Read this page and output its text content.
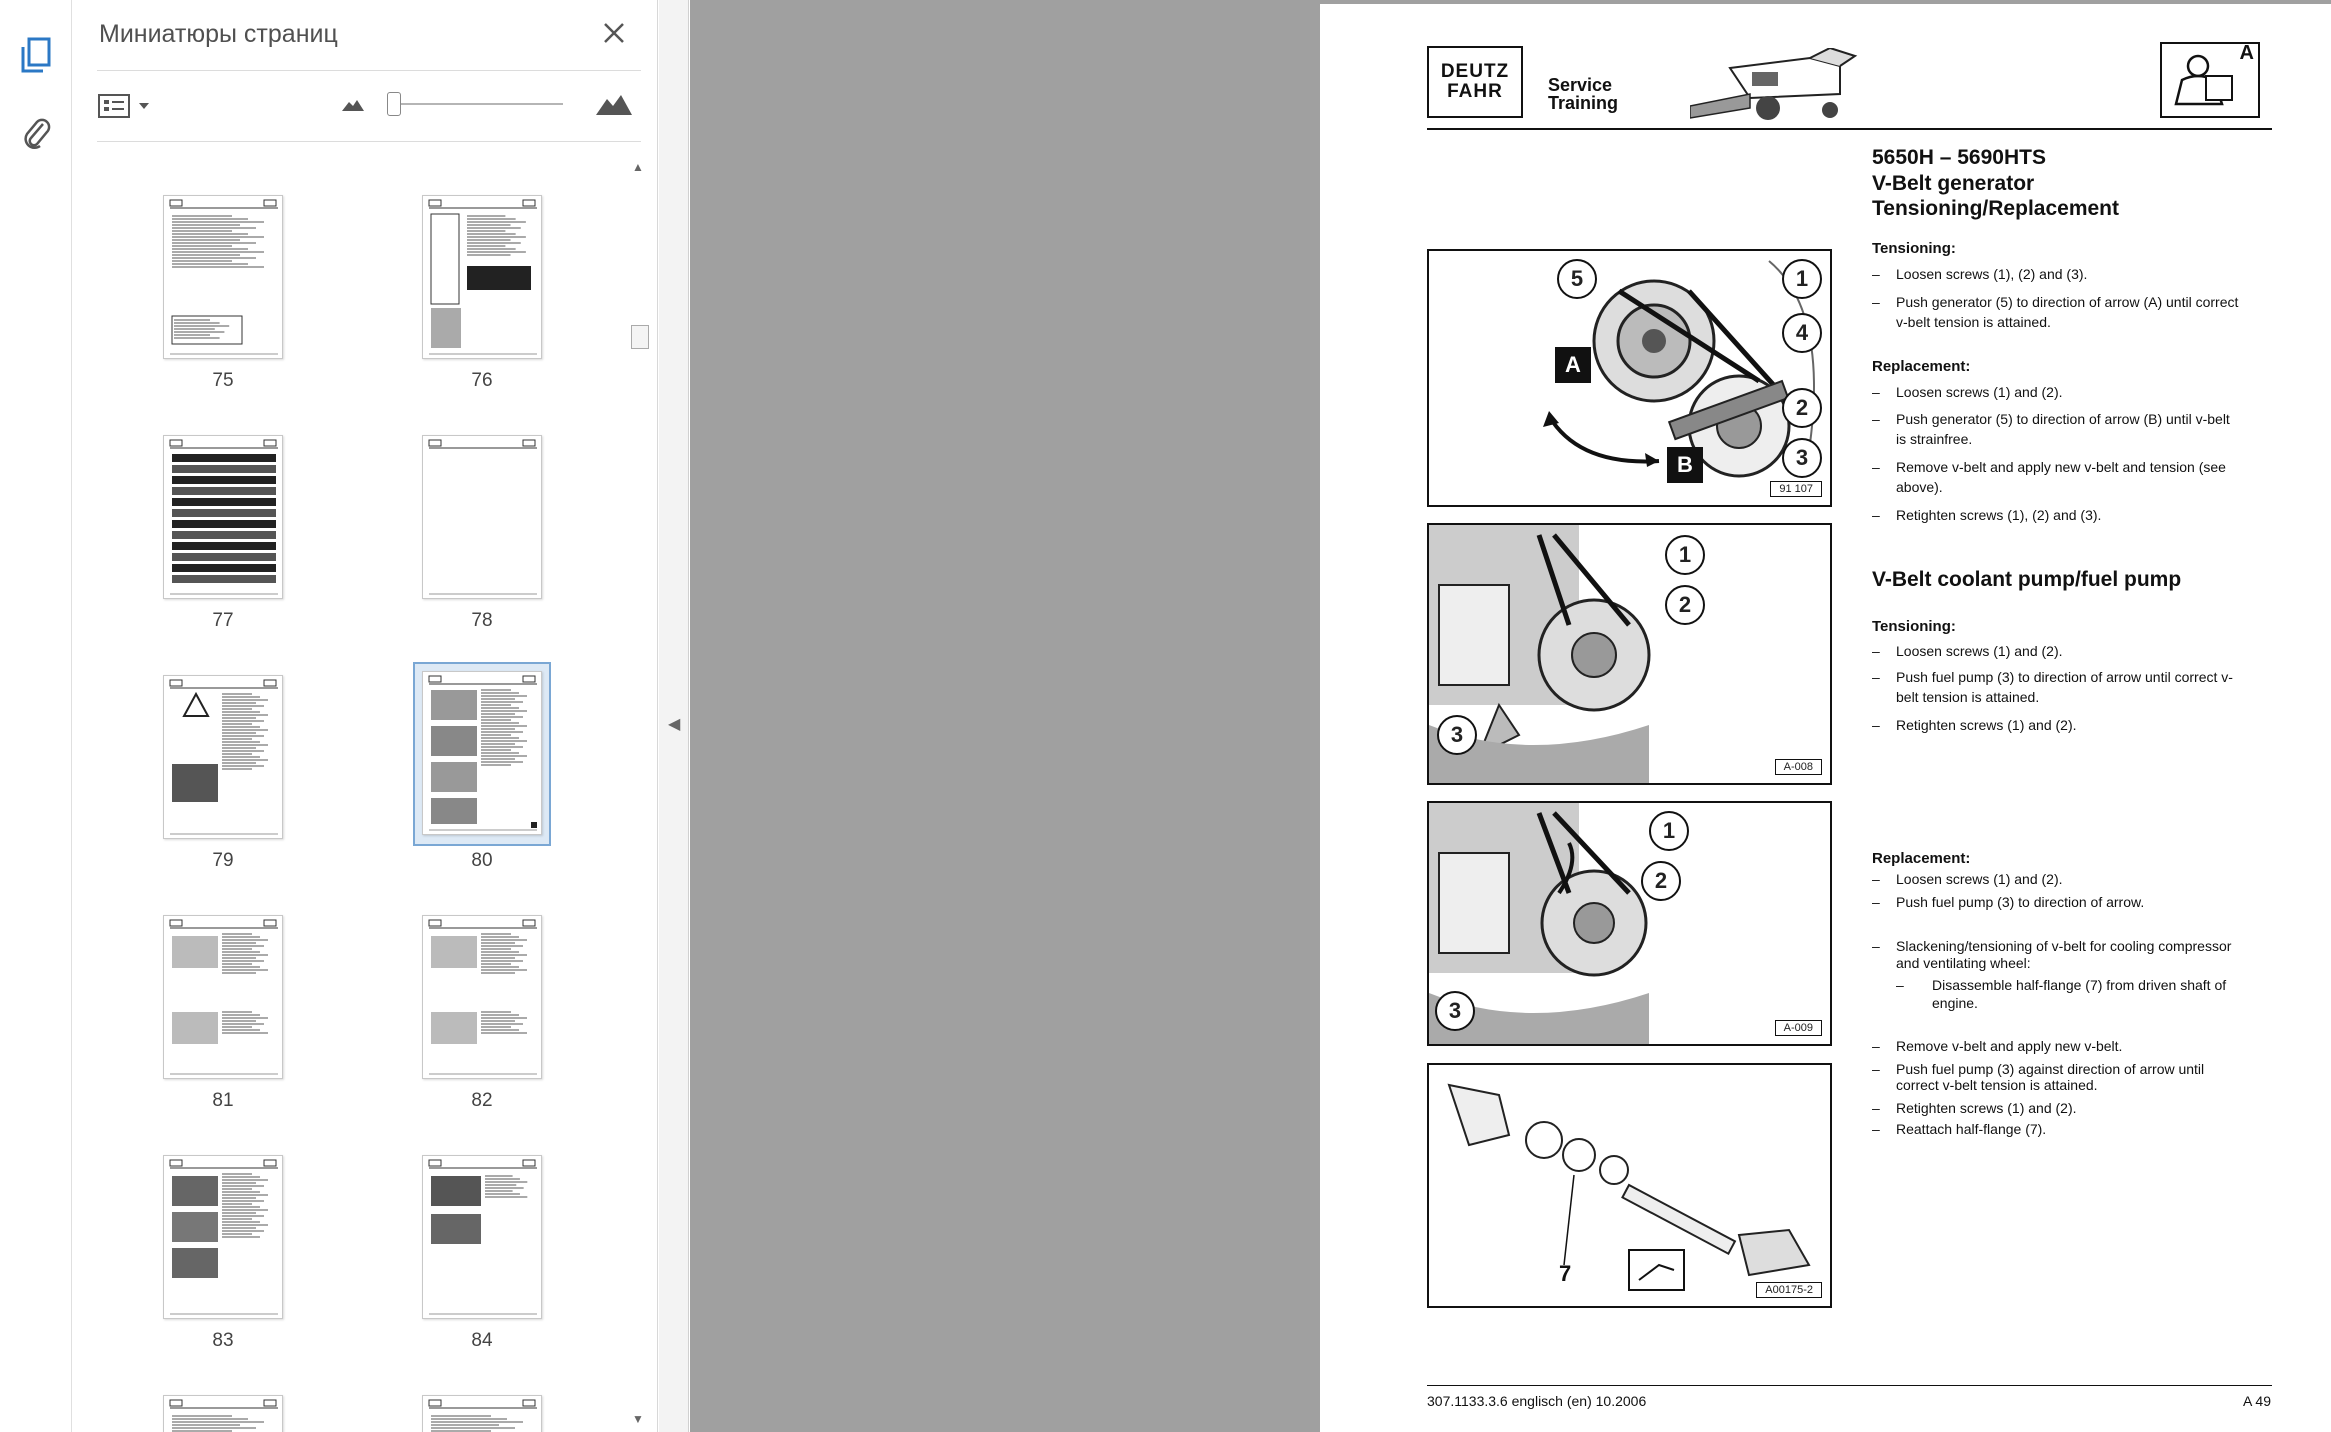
Миниатюры страниц
75	76
77	78
79	80
81	82
83	84
▲
▼
◀
DEUTZ
FAHR	Service
Training
A
5650H – 5690HTS
V-Belt generator
Tensioning/Replacement
Tensioning:
– Loosen screws (1), (2) and (3).
– Push generator (5) to direction of arrow (A) until correct
v-belt tension is attained.
Replacement:
– Loosen screws (1) and (2).
– Push generator (5) to direction of arrow (B) until v-belt
is strainfree.
– Remove v-belt and apply new v-belt and tension (see
above).
– Retighten screws (1), (2) and (3).
V-Belt coolant pump/fuel pump
Tensioning:
– Loosen screws (1) and (2).
– Push fuel pump (3) to direction of arrow until correct v-
belt tension is attained.
– Retighten screws (1) and (2).
Replacement:
– Loosen screws (1) and (2).
– Push fuel pump (3) to direction of arrow.
– Slackening/tensioning of v-belt for cooling compressor
and ventilating wheel:
– Disassemble half-flange (7) from driven shaft of
engine.
– Remove v-belt and apply new v-belt.
– Push fuel pump (3) against direction of arrow until
correct v-belt tension is attained.
– Retighten screws (1) and (2).
– Reattach half-flange (7).
5	1
4
A
2
3
B
91 107
1
2
3
A-008
1
2
3
A-009
7
A00175-2
307.1133.3.6 englisch (en) 10.2006	A 49
